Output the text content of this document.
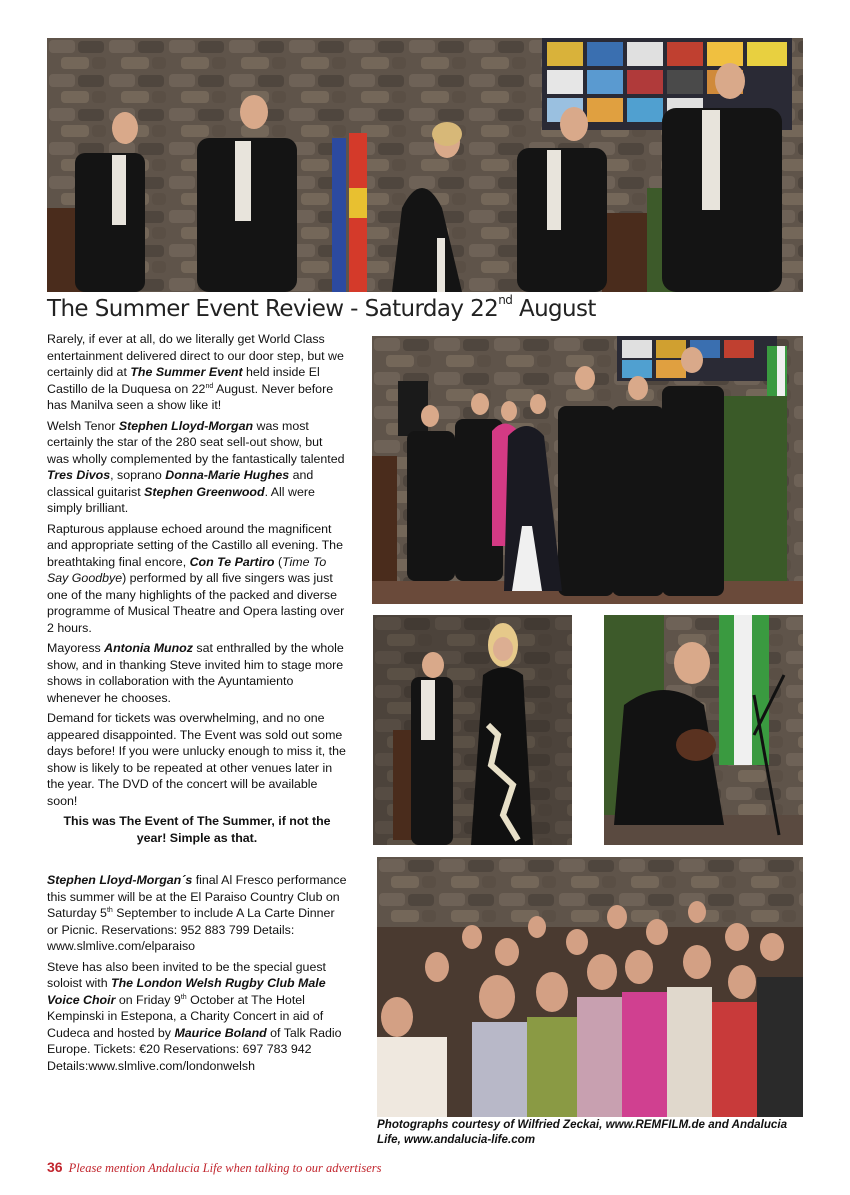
The Summer Event Review - Saturday 22nd August

Rarely, if ever at all, do we literally get World Class entertainment delivered direct to our door step, but we certainly did at The Summer Event held inside El Castillo de la Duquesa on 22nd August. Never before has Manilva seen a show like it!

Welsh Tenor Stephen Lloyd-Morgan was most certainly the star of the 280 seat sell-out show, but was wholly complemented by the fantastically talented Tres Divos, soprano Donna-Marie Hughes and classical guitarist Stephen Greenwood. All were simply brilliant.

Rapturous applause echoed around the magnificent and appropriate setting of the Castillo all evening. The breathtaking final encore, Con Te Partiro (Time To Say Goodbye) performed by all five singers was just one of the many highlights of the packed and diverse programme of Musical Theatre and Opera lasting over 2 hours.

Mayoress Antonia Munoz sat enthralled by the whole show, and in thanking Steve invited him to stage more shows in collaboration with the Ayuntamiento whenever he chooses.

Demand for tickets was overwhelming, and no one appeared disappointed. The Event was sold out some days before! If you were unlucky enough to miss it, the show is likely to be repeated at other venues later in the year. The DVD of the concert will be available soon!

This was The Event of The Summer, if not the year! Simple as that.

Stephen Lloyd-Morgan´s final Al Fresco performance this summer will be at the El Paraiso Country Club on Saturday 5th September to include A La Carte Dinner or Picnic. Reservations: 952 883 799 Details: www.slmlive.com/elparaiso

Steve has also been invited to be the special guest soloist with The London Welsh Rugby Club Male Voice Choir on Friday 9th October at The Hotel Kempinski in Estepona, a Charity Concert in aid of Cudeca and hosted by Maurice Boland of Talk Radio Europe. Tickets: €20 Reservations: 697 783 942 Details:www.slmlive.com/londonwelsh

Photographs courtesy of Wilfried Zeckai, www.REMFILM.de and Andalucia Life, www.andalucia-life.com
36 Please mention Andalucia Life when talking to our advertisers
